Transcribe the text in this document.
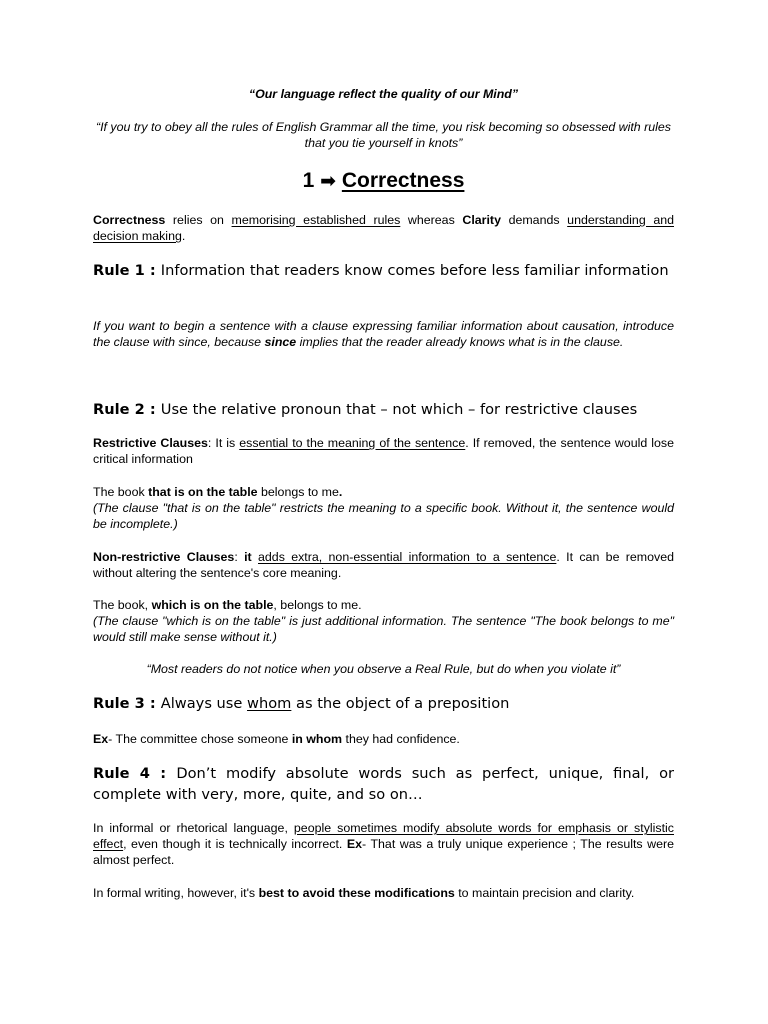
“Our language reflect the quality of our Mind”

“If you try to obey all the rules of English Grammar all the time, you risk becoming so obsessed with rules that you tie yourself in knots”

1 ➡ Correctness

Correctness relies on memorising established rules whereas Clarity demands understanding and decision making.

Rule 1 : Information that readers know comes before less familiar information

If you want to begin a sentence with a clause expressing familiar information about causation, introduce the clause with since, because since implies that the reader already knows what is in the clause.

Rule 2 : Use the relative pronoun that – not which – for restrictive clauses

Restrictive Clauses: It is essential to the meaning of the sentence. If removed, the sentence would lose critical information

The book that is on the table belongs to me.
(The clause "that is on the table" restricts the meaning to a specific book. Without it, the sentence would be incomplete.)

Non-restrictive Clauses: it adds extra, non-essential information to a sentence. It can be removed without altering the sentence's core meaning.

The book, which is on the table, belongs to me.
(The clause "which is on the table" is just additional information. The sentence "The book belongs to me" would still make sense without it.)

“Most readers do not notice when you observe a Real Rule, but do when you violate it”

Rule 3 : Always use whom as the object of a preposition

Ex- The committee chose someone in whom they had confidence.

Rule 4 : Don’t modify absolute words such as perfect, unique, final, or complete with very, more, quite, and so on…

In informal or rhetorical language, people sometimes modify absolute words for emphasis or stylistic effect, even though it is technically incorrect. Ex- That was a truly unique experience ; The results were almost perfect.

In formal writing, however, it's best to avoid these modifications to maintain precision and clarity.
